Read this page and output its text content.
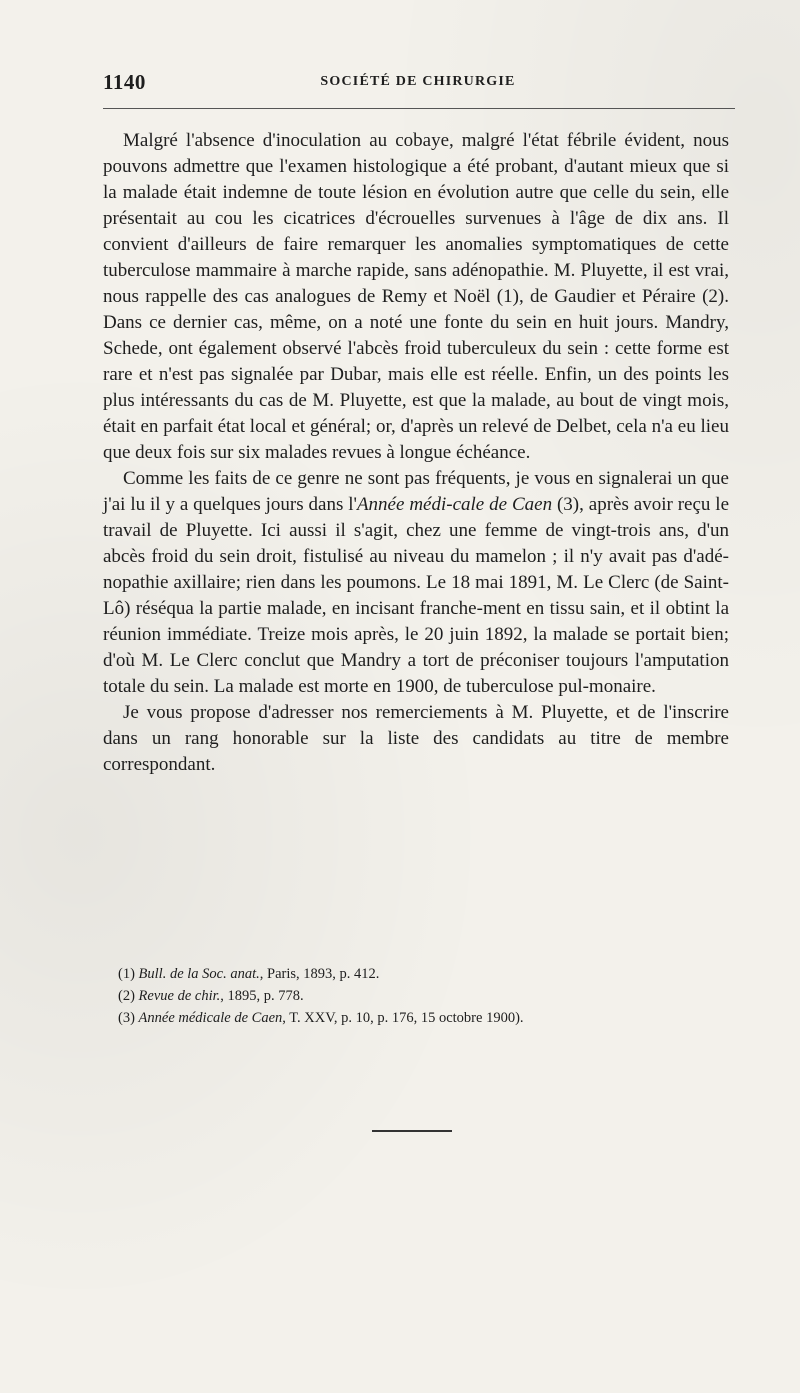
1140	SOCIÉTÉ DE CHIRURGIE

Malgré l'absence d'inoculation au cobaye, malgré l'état fébrile évident, nous pouvons admettre que l'examen histologique a été probant, d'autant mieux que si la malade était indemne de toute lésion en évolution autre que celle du sein, elle présentait au cou les cicatrices d'écrouelles survenues à l'âge de dix ans. Il convient d'ailleurs de faire remarquer les anomalies symptomatiques de cette tuberculose mammaire à marche rapide, sans adénopathie. M. Pluyette, il est vrai, nous rappelle des cas analogues de Remy et Noël (1), de Gaudier et Péraire (2). Dans ce dernier cas, même, on a noté une fonte du sein en huit jours. Mandry, Schede, ont également observé l'abcès froid tuberculeux du sein : cette forme est rare et n'est pas signalée par Dubar, mais elle est réelle. Enfin, un des points les plus intéressants du cas de M. Pluyette, est que la malade, au bout de vingt mois, était en parfait état local et général; or, d'après un relevé de Delbet, cela n'a eu lieu que deux fois sur six malades revues à longue échéance.

Comme les faits de ce genre ne sont pas fréquents, je vous en signalerai un que j'ai lu il y a quelques jours dans l'Année médi-cale de Caen (3), après avoir reçu le travail de Pluyette. Ici aussi il s'agit, chez une femme de vingt-trois ans, d'un abcès froid du sein droit, fistulisé au niveau du mamelon ; il n'y avait pas d'adé-nopathie axillaire; rien dans les poumons. Le 18 mai 1891, M. Le Clerc (de Saint-Lô) réséqua la partie malade, en incisant franche-ment en tissu sain, et il obtint la réunion immédiate. Treize mois après, le 20 juin 1892, la malade se portait bien; d'où M. Le Clerc conclut que Mandry a tort de préconiser toujours l'amputation totale du sein. La malade est morte en 1900, de tuberculose pul-monaire.

Je vous propose d'adresser nos remerciements à M. Pluyette, et de l'inscrire dans un rang honorable sur la liste des candidats au titre de membre correspondant.

(1) Bull. de la Soc. anat., Paris, 1893, p. 412.

(2) Revue de chir., 1895, p. 778.

(3) Année médicale de Caen, T. XXV, p. 10, p. 176, 15 octobre 1900).
